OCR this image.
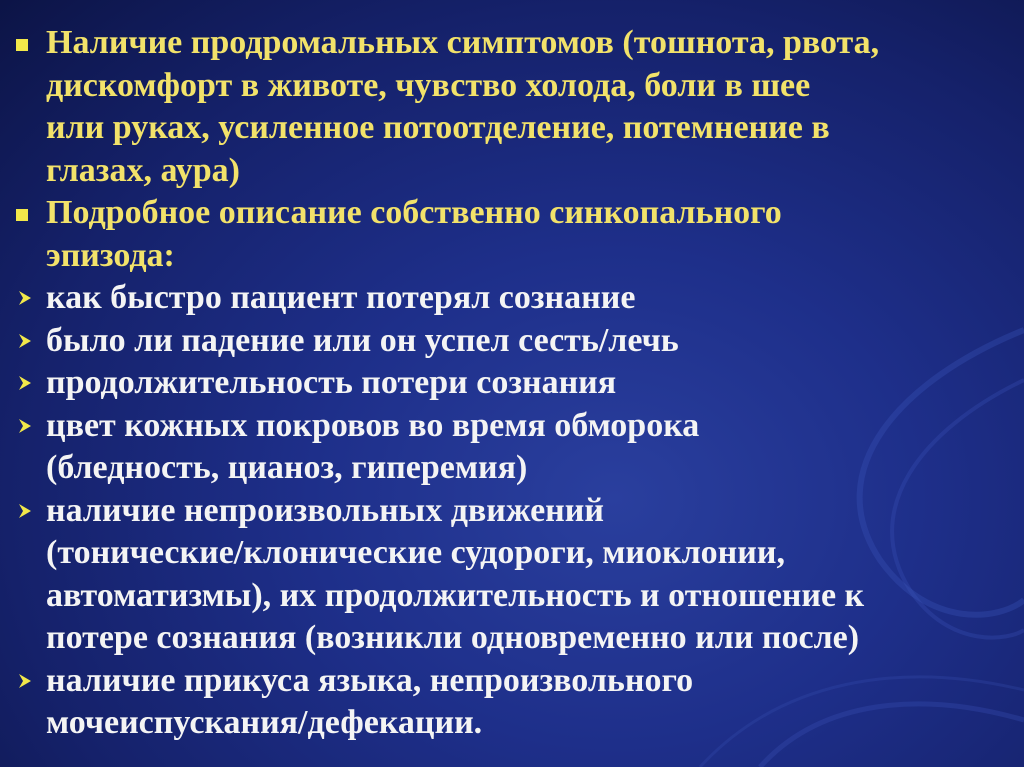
Наличие продромальных симптомов (тошнота, рвота,
дискомфорт в животе, чувство холода, боли в шее
или руках, усиленное потоотделение, потемнение в
глазах, аура)
Подробное описание собственно синкопального
эпизода:
как быстро пациент потерял сознание
было ли падение или он успел сесть/лечь
продолжительность потери сознания
цвет кожных покровов во время обморока
(бледность, цианоз, гиперемия)
наличие непроизвольных движений
(тонические/клонические судороги, миоклонии,
автоматизмы), их продолжительность и отношение к
потере сознания (возникли одновременно или после)
наличие прикуса языка, непроизвольного
мочеиспускания/дефекации.
